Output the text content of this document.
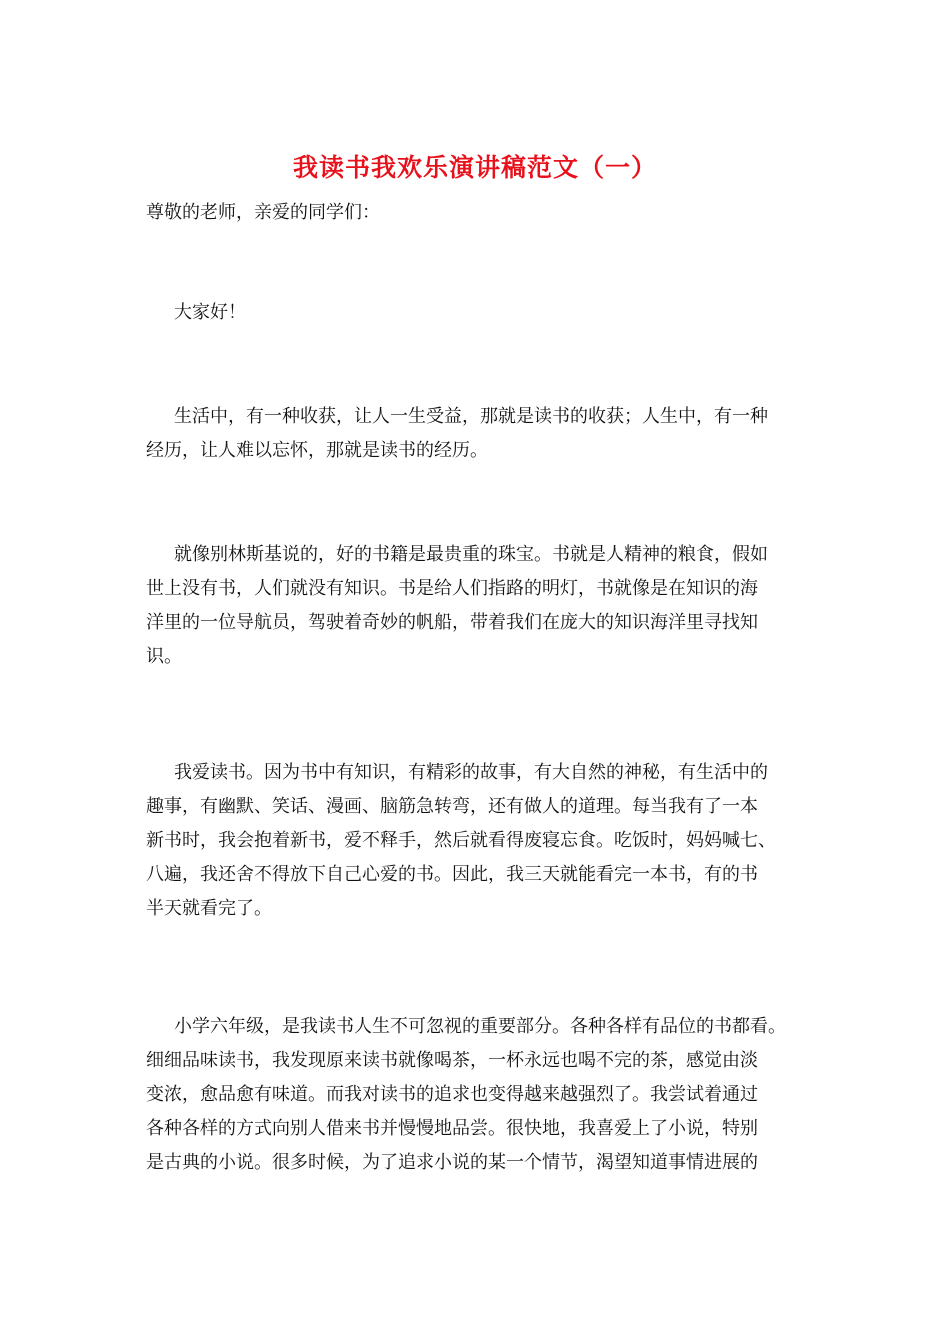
我读书我欢乐演讲稿范文（一）
尊敬的老师，亲爱的同学们：
大家好！
生活中，有一种收获，让人一生受益，那就是读书的收获；人生中，有一种
经历，让人难以忘怀，那就是读书的经历。
就像别林斯基说的，好的书籍是最贵重的珠宝。书就是人精神的粮食，假如
世上没有书，人们就没有知识。书是给人们指路的明灯，书就像是在知识的海
洋里的一位导航员，驾驶着奇妙的帆船，带着我们在庞大的知识海洋里寻找知
识。
我爱读书。因为书中有知识，有精彩的故事，有大自然的神秘，有生活中的
趣事，有幽默、笑话、漫画、脑筋急转弯，还有做人的道理。每当我有了一本
新书时，我会抱着新书，爱不释手，然后就看得废寝忘食。吃饭时，妈妈喊七、
八遍，我还舍不得放下自己心爱的书。因此，我三天就能看完一本书，有的书
半天就看完了。
小学六年级，是我读书人生不可忽视的重要部分。各种各样有品位的书都看。
细细品味读书，我发现原来读书就像喝茶，一杯永远也喝不完的茶，感觉由淡
变浓，愈品愈有味道。而我对读书的追求也变得越来越强烈了。我尝试着通过
各种各样的方式向别人借来书并慢慢地品尝。很快地，我喜爱上了小说，特别
是古典的小说。很多时候，为了追求小说的某一个情节，渴望知道事情进展的
